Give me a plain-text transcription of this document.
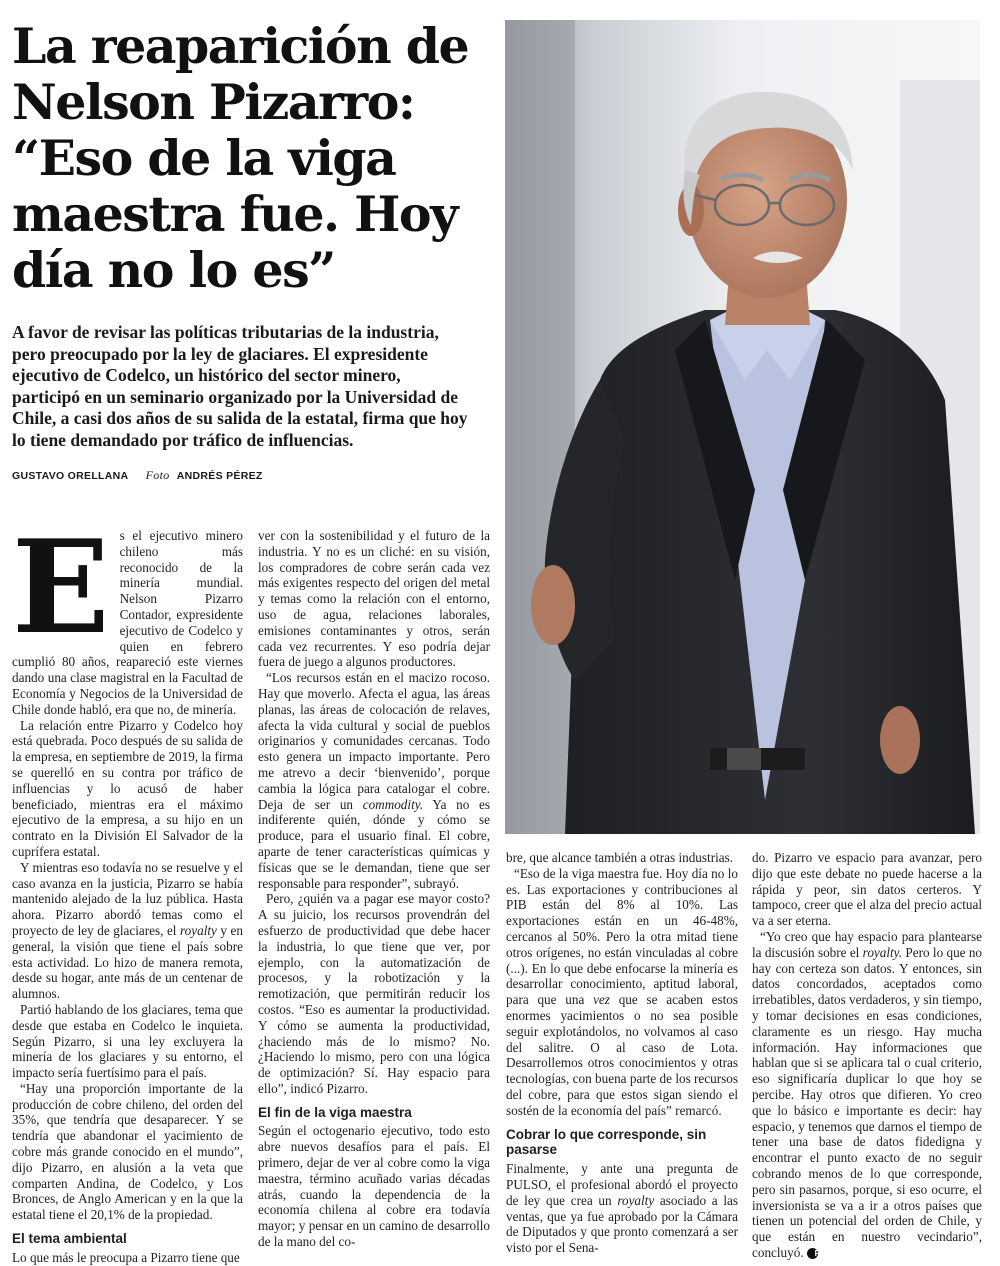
La reaparición de
Nelson Pizarro:
“Eso de la viga
maestra fue. Hoy
día no lo es”
A favor de revisar las políticas tributarias de la industria,
pero preocupado por la ley de glaciares. El expresidente
ejecutivo de Codelco, un histórico del sector minero,
participó en un seminario organizado por la Universidad de
Chile, a casi dos años de su salida de la estatal, firma que hoy
lo tiene demandado por tráfico de influencias.
GUSTAVO ORELLANA Foto ANDRÉS PÉREZ
E s el ejecutivo minero chileno más reconocido de la minería mundial. Nelson Pizarro Contador, expresidente ejecutivo de Codelco y quien en febrero cumplió 80 años, reapareció este viernes dando una clase magistral en la Facultad de Economía y Negocios de la Universidad de Chile donde habló, era que no, de minería.

La relación entre Pizarro y Codelco hoy está quebrada. Poco después de su salida de la empresa, en septiembre de 2019, la firma se querelló en su contra por tráfico de influencias y lo acusó de haber beneficiado, mientras era el máximo ejecutivo de la empresa, a su hijo en un contrato en la División El Salvador de la cuprífera estatal.

Y mientras eso todavía no se resuelve y el caso avanza en la justicia, Pizarro se había mantenido alejado de la luz pública. Hasta ahora. Pizarro abordó temas como el proyecto de ley de glaciares, el royalty y en general, la visión que tiene el país sobre esta actividad. Lo hizo de manera remota, desde su hogar, ante más de un centenar de alumnos.

Partió hablando de los glaciares, tema que desde que estaba en Codelco le inquieta. Según Pizarro, si una ley excluyera la minería de los glaciares y su entorno, el impacto sería fuertísimo para el país.

“Hay una proporción importante de la producción de cobre chileno, del orden del 35%, que tendría que desaparecer. Y se tendría que abandonar el yacimiento de cobre más grande conocido en el mundo”, dijo Pizarro, en alusión a la veta que comparten Andina, de Codelco, y Los Bronces, de Anglo American y en la que la estatal tiene el 20,1% de la propiedad.

El tema ambiental

Lo que más le preocupa a Pizarro tiene que

ver con la sostenibilidad y el futuro de la industria. Y no es un cliché: en su visión, los compradores de cobre serán cada vez más exigentes respecto del origen del metal y temas como la relación con el entorno, uso de agua, relaciones laborales, emisiones contaminantes y otros, serán cada vez recurrentes. Y eso podría dejar fuera de juego a algunos productores.

“Los recursos están en el macizo rocoso. Hay que moverlo. Afecta el agua, las áreas planas, las áreas de colocación de relaves, afecta la vida cultural y social de pueblos originarios y comunidades cercanas. Todo esto genera un impacto importante. Pero me atrevo a decir ‘bienvenido’, porque cambia la lógica para catalogar el cobre. Deja de ser un commodity. Ya no es indiferente quién, dónde y cómo se produce, para el usuario final. El cobre, aparte de tener características químicas y físicas que se le demandan, tiene que ser responsable para responder”, subrayó.

Pero, ¿quién va a pagar ese mayor costo? A su juicio, los recursos provendrán del esfuerzo de productividad que debe hacer la industria, lo que tiene que ver, por ejemplo, con la automatización de procesos, y la robotización y la remotización, que permitirán reducir los costos. “Eso es aumentar la productividad. Y cómo se aumenta la productividad, ¿haciendo más de lo mismo? No. ¿Haciendo lo mismo, pero con una lógica de optimización? Sí. Hay espacio para ello”, indicó Pizarro.

El fin de la viga maestra

Según el octogenario ejecutivo, todo esto abre nuevos desafíos para el país. El primero, dejar de ver al cobre como la viga maestra, término acuñado varias décadas atrás, cuando la dependencia de la economía chilena al cobre era todavía mayor; y pensar en un camino de desarrollo de la mano del co-

bre, que alcance también a otras industrias.

“Eso de la viga maestra fue. Hoy día no lo es. Las exportaciones y contribuciones al PIB están del 8% al 10%. Las exportaciones están en un 46-48%, cercanos al 50%. Pero la otra mitad tiene otros orígenes, no están vinculadas al cobre (...). En lo que debe enfocarse la minería es desarrollar conocimiento, aptitud laboral, para que una vez que se acaben estos enormes yacimientos o no sea posible seguir explotándolos, no volvamos al caso del salitre. O al caso de Lota. Desarrollemos otros conocimientos y otras tecnologías, con buena parte de los recursos del cobre, para que estos sigan siendo el sostén de la economía del país” remarcó.

Cobrar lo que corresponde, sin pasarse

Finalmente, y ante una pregunta de PULSO, el profesional abordó el proyecto de ley que crea un royalty asociado a las ventas, que ya fue aprobado por la Cámara de Diputados y que pronto comenzará a ser visto por el Sena-

do. Pizarro ve espacio para avanzar, pero dijo que este debate no puede hacerse a la rápida y peor, sin datos certeros. Y tampoco, creer que el alza del precio actual va a ser eterna.

“Yo creo que hay espacio para plantearse la discusión sobre el royalty. Pero lo que no hay con certeza son datos. Y entonces, sin datos concordados, aceptados como irrebatibles, datos verdaderos, y sin tiempo, y tomar decisiones en esas condiciones, claramente es un riesgo. Hay mucha información. Hay informaciones que hablan que si se aplicara tal o cual criterio, eso significaría duplicar lo que hoy se percibe. Hay otros que difieren. Yo creo que lo básico e importante es decir: hay espacio, y tenemos que darnos el tiempo de tener una base de datos fidedigna y encontrar el punto exacto de no seguir cobrando menos de lo que corresponde, pero sin pasarnos, porque, si eso ocurre, el inversionista se va a ir a otros países que tienen un potencial del orden de Chile, y que están en nuestro vecindario”, concluyó. P
